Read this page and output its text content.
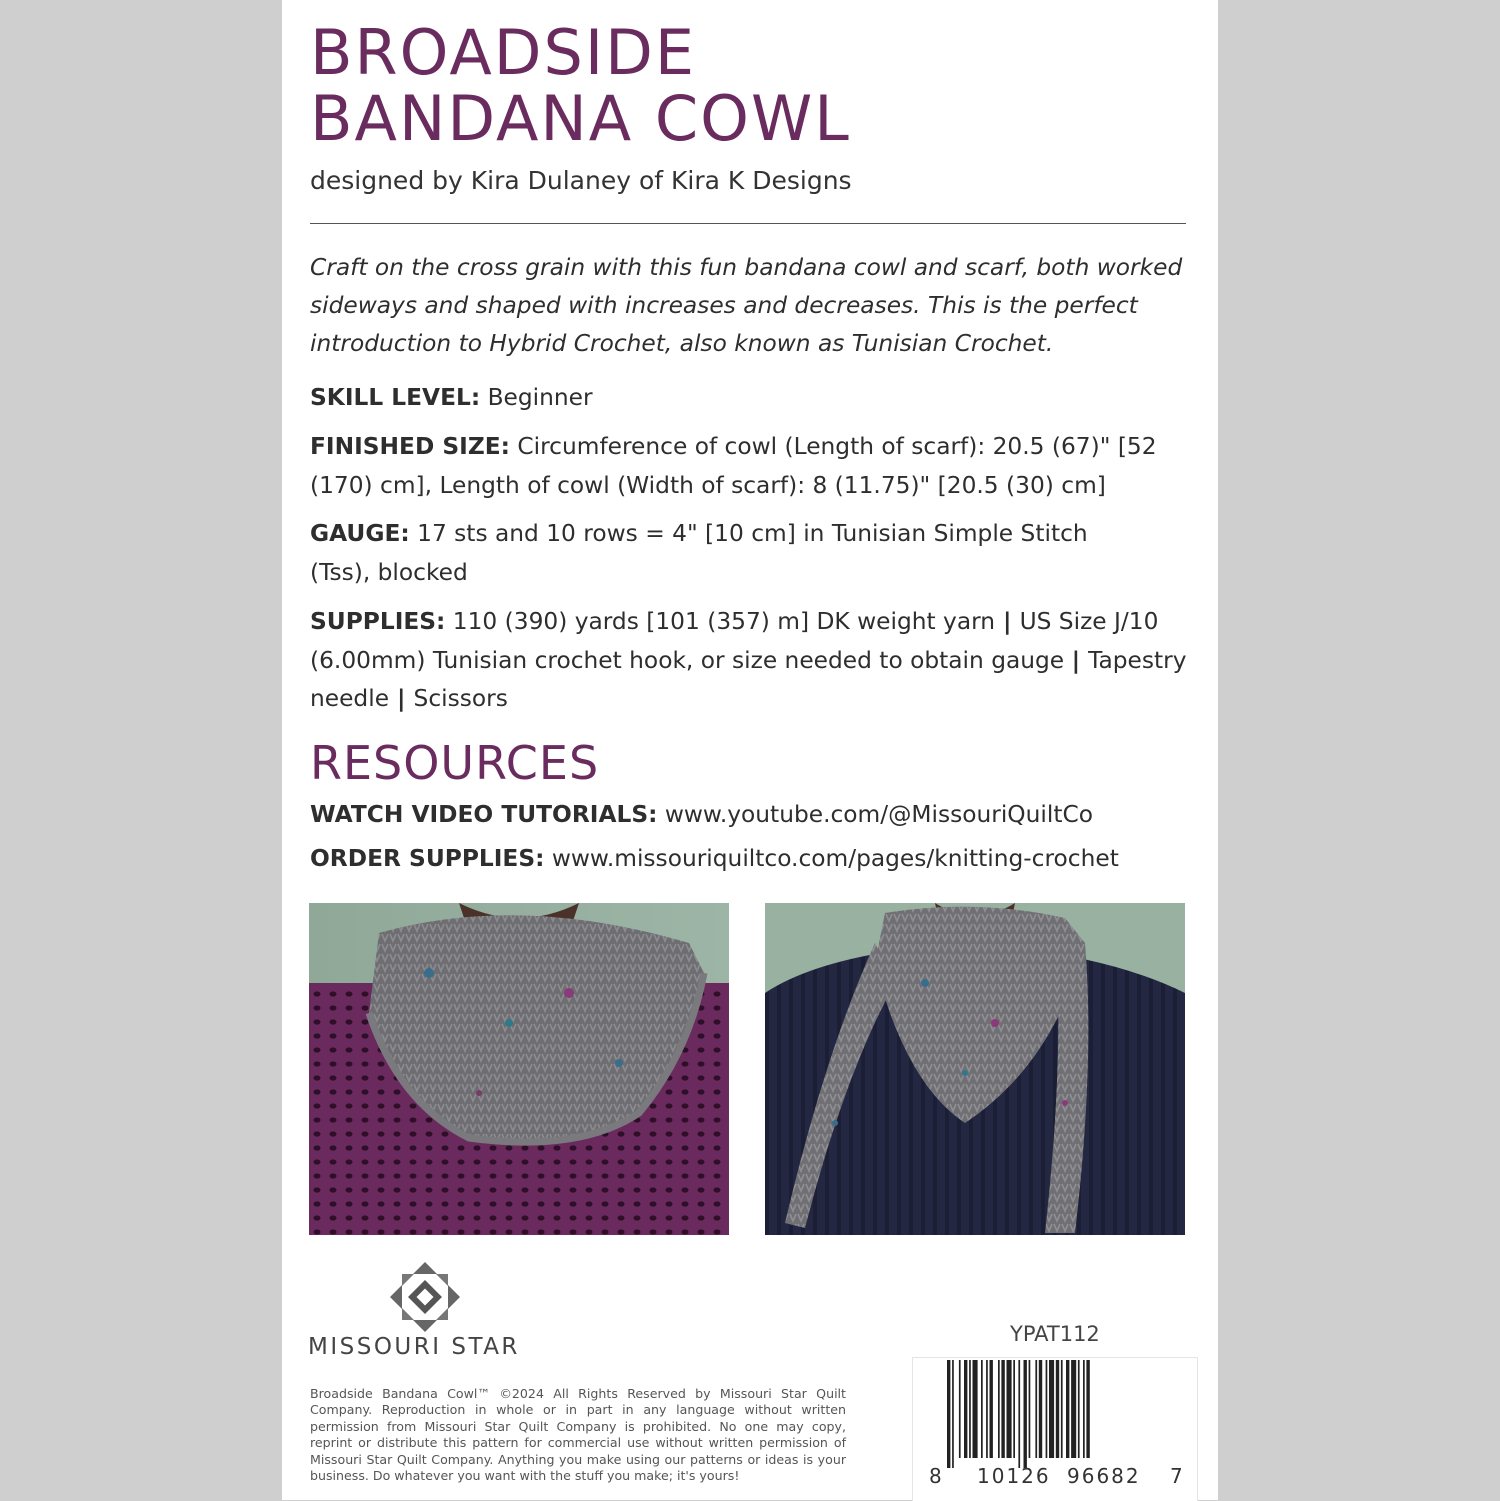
BROADSIDE
BANDANA COWL
designed by Kira Dulaney of Kira K Designs
Craft on the cross grain with this fun bandana cowl and scarf, both worked sideways and shaped with increases and decreases. This is the perfect introduction to Hybrid Crochet, also known as Tunisian Crochet.
SKILL LEVEL: Beginner
FINISHED SIZE: Circumference of cowl (Length of scarf): 20.5 (67)" [52 (170) cm], Length of cowl (Width of scarf): 8 (11.75)" [20.5 (30) cm]
GAUGE: 17 sts and 10 rows = 4" [10 cm] in Tunisian Simple Stitch (Tss), blocked
SUPPLIES: 110 (390) yards [101 (357) m] DK weight yarn | US Size J/10 (6.00mm) Tunisian crochet hook, or size needed to obtain gauge | Tapestry needle | Scissors
RESOURCES
WATCH VIDEO TUTORIALS: www.youtube.com/@MissouriQuiltCo
ORDER SUPPLIES: www.missouriquiltco.com/pages/knitting-crochet
MISSOURI STAR	YPAT112
Broadside Bandana Cowl™ ©2024 All Rights Reserved by Missouri Star Quilt Company. Reproduction in whole or in part in any language without written permission from Missouri Star Quilt Company is prohibited. No one may copy, reprint or distribute this pattern for commercial use without written permission of Missouri Star Quilt Company. Anything you make using our patterns or ideas is your business. Do whatever you want with the stuff you make; it's yours!	8 10126 96682 7
